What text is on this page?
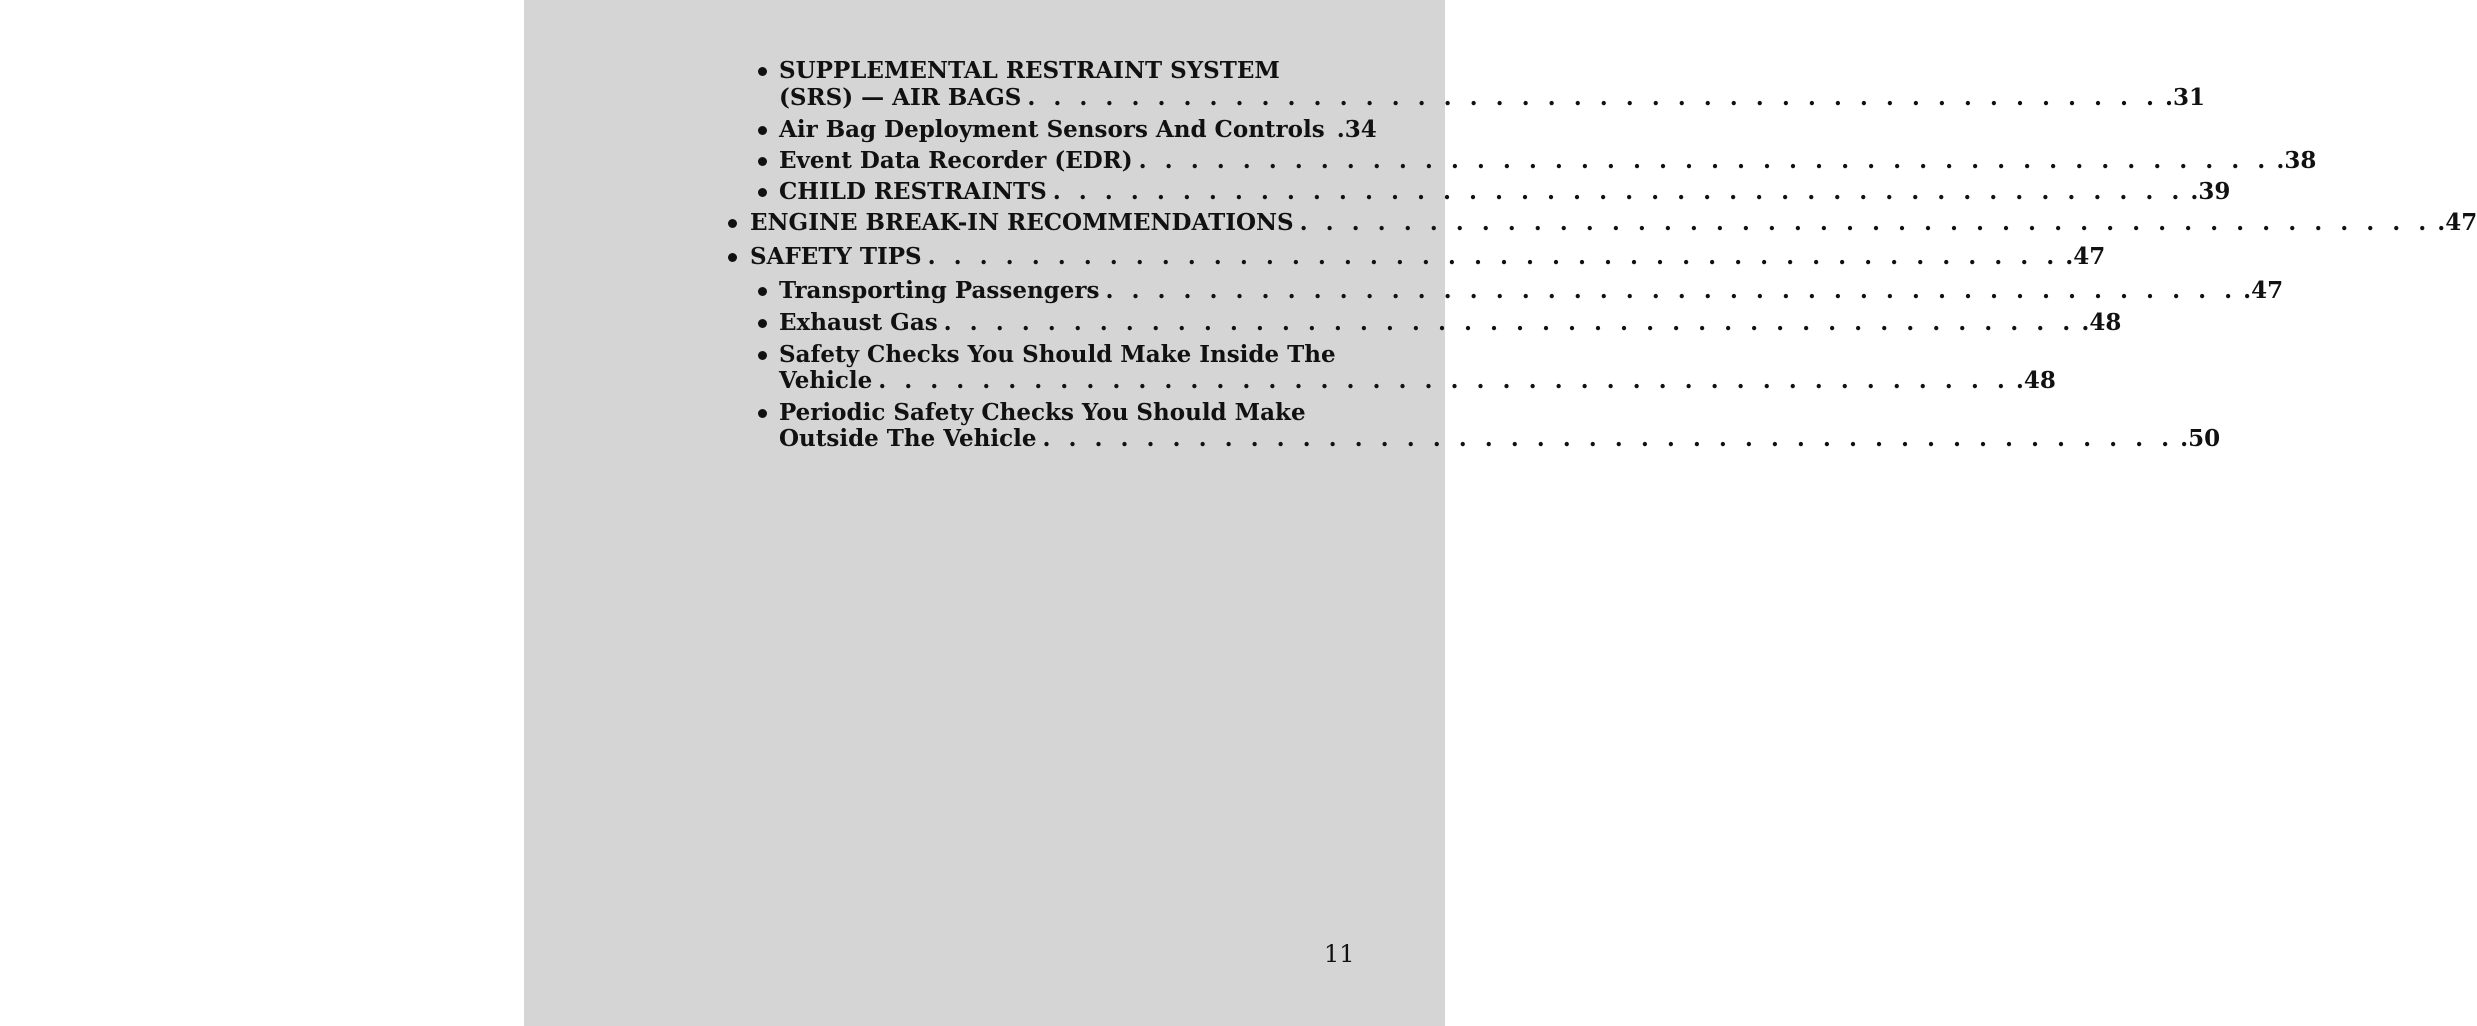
SUPPLEMENTAL RESTRAINT SYSTEM
(SRS) — AIR BAGS . . . . . . . . . . . . . . . . . . . . . . . . . . . . . . . . . . . . . . . . . . . . .31
Air Bag Deployment Sensors And Controls .34
Event Data Recorder (EDR) . . . . . . . . . . . . . . . . . . . . . . . . . . . . . . . . . . . . . . . . . . . . .38
CHILD RESTRAINTS . . . . . . . . . . . . . . . . . . . . . . . . . . . . . . . . . . . . . . . . . . . . .39
ENGINE BREAK-IN RECOMMENDATIONS . . . . . . . . . . . . . . . . . . . . . . . . . . . . . . . . . . . . . . . . . . . . .47
SAFETY TIPS . . . . . . . . . . . . . . . . . . . . . . . . . . . . . . . . . . . . . . . . . . . . .47
Transporting Passengers . . . . . . . . . . . . . . . . . . . . . . . . . . . . . . . . . . . . . . . . . . . . .47
Exhaust Gas . . . . . . . . . . . . . . . . . . . . . . . . . . . . . . . . . . . . . . . . . . . . .48
Safety Checks You Should Make Inside The
Vehicle . . . . . . . . . . . . . . . . . . . . . . . . . . . . . . . . . . . . . . . . . . . . .48
Periodic Safety Checks You Should Make
Outside The Vehicle . . . . . . . . . . . . . . . . . . . . . . . . . . . . . . . . . . . . . . . . . . . . .50
11
